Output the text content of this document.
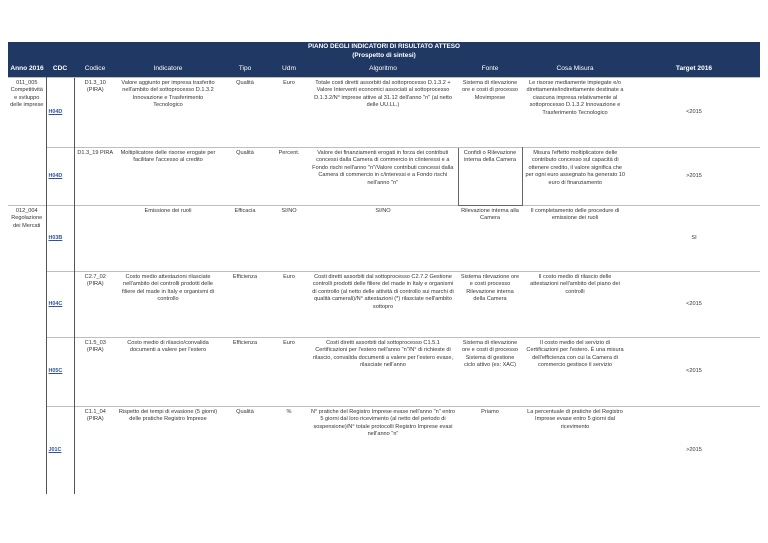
PIANO DEGLI INDICATORI DI RISULTATO ATTESO
(Prospetto di sintesi)
Anno 2016	CDC	Codice	Indicatore	Tipo	Udm	Algoritmo	Fonte	Cosa Misura	Target 2016
011_005 Competitività e sviluppo delle imprese	H04D	D1.3_10 (PIRA)	Valore aggiunto per impresa trasferito nell'ambito del sottoprocesso D.1.3.2 Innovazione e Trasferimento Tecnologico	Qualità	Euro	Totale costi diretti assorbiti dal sottoprocesso D.1.3.2 + Valore Interventi economici associati al sottoprocesso D.1.3.2/N° imprese attive al 31.12 dell'anno "n" (al netto delle UU.LL.)	Sistema di rilevazione ore e costi di processo Movimprese	Le risorse mediamente impiegate e/o direttamente/indirettamente destinate a ciascuna impresa relativamente al sottoprocesso D.1.3.2 Innovazione e Trasferimento Tecnologico	<2015
	H04D	D1.3_19 PIRA	Moltiplicatore delle risorse erogate per facilitare l'accesso al credito	Qualità	Percent.	Valore dei finanziamenti erogati in forza dei contributi concessi dalla Camera di commercio in c/interessi e a Fondo rischi nell'anno "n"/Valore contributi concessi dalla Camera di commercio in c/interessi e a Fondo rischi nell'anno "n"	Confidi o Rilevazione interna della Camera	Misura l'effetto moltiplicatore delle contributo concesso sul capacità di ottenere credito, il valore significa che per ogni euro assegnato ha generato 10 euro di finanziamento	>2015
012_004 Regolazione dei Mercati	H03B		Emissione dei ruoli	Efficacia	SI/NO	SI/NO	Rilevazione interna alla Camera	Il completamento delle procedure di emissione dei ruoli	SI
	H04C	C2.7_02 (PIRA)	Costo medio attestazioni rilasciate nell'ambito dei controlli prodotti delle filiere del made in Italy e organismi di controllo	Efficienza	Euro	Costi diretti assorbiti dal sottoprocesso C2.7.2 Gestione controlli prodotti delle filiere del made in Italy e organismi di controllo (al netto delle attività di controllo sui marchi di qualità camerali)/N° attestazioni (*) rilasciate nell'ambito sottopro	Sistema rilevazione ore e costi processo Rilevazione interna della Camera	Il costo medio di rilascio delle attestazioni nell'ambito del piano dei controlli	<2015
	H05C	C1.5_03 (PIRA)	Costo medio di rilascio/convalida documenti a valere per l'estero	Efficienza	Euro	Costi diretti assorbiti dal sottoprocesso C1.5.1 Certificazioni per l'estero nell'anno "n"/N° di richieste di rilascio, convalida documenti a valere per l'estero evase, rilasciate nell'anno	Sistema di rilevazione ore e costi di processo Sistema di gestione ciclo attivo (es: XAC)	Il costo medio del servizio di Certificazioni per l'estero. È una misura dell'efficienza con cui la Camera di commercio gestisce il servizio	<2015
	J01C	C1.1_04 (PIRA)	Rispetto dei tempi di evasione (5 giorni) delle pratiche Registro Imprese	Qualità	%	N° pratiche del Registro Imprese evase nell'anno "n" entro 5 giorni dal loro ricevimento (al netto del periodo di sospensione)/N° totale protocolli Registro Imprese evasi nell'anno "n"	Priamo	La percentuale di pratiche del Registro Imprese evase entro 5 giorni dal ricevimento	>2015
